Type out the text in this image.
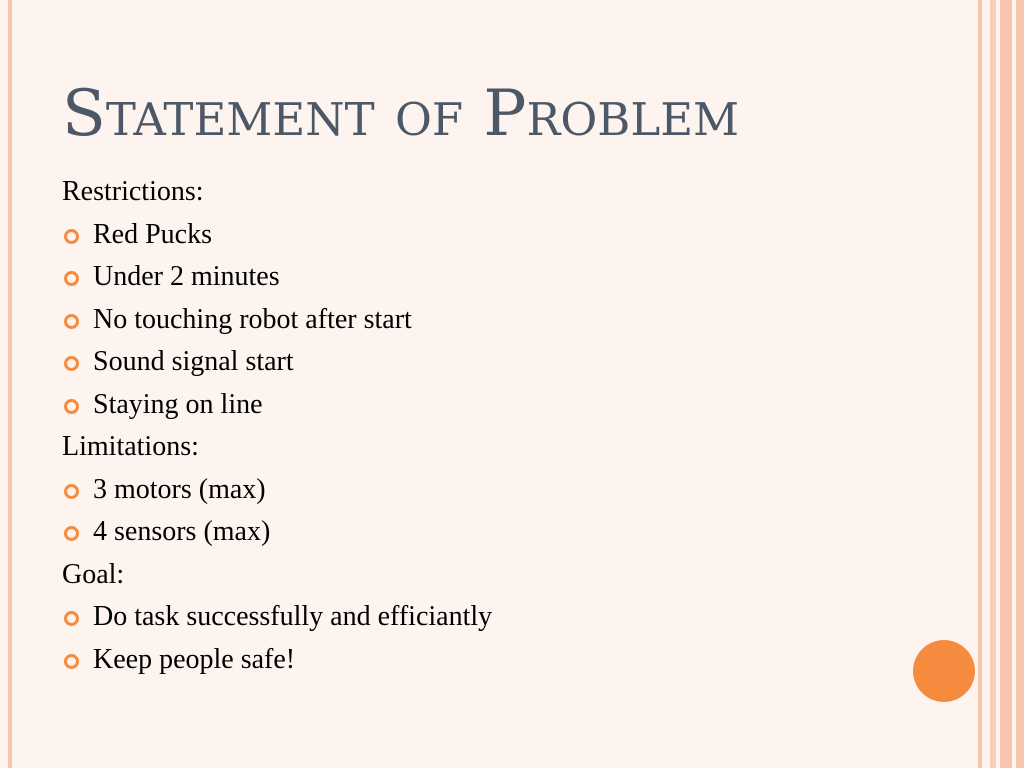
Statement of Problem
Restrictions:
Red Pucks
Under 2 minutes
No touching robot after start
Sound signal start
Staying on line
Limitations:
3 motors (max)
4 sensors (max)
Goal:
Do task successfully and efficiantly
Keep people safe!
